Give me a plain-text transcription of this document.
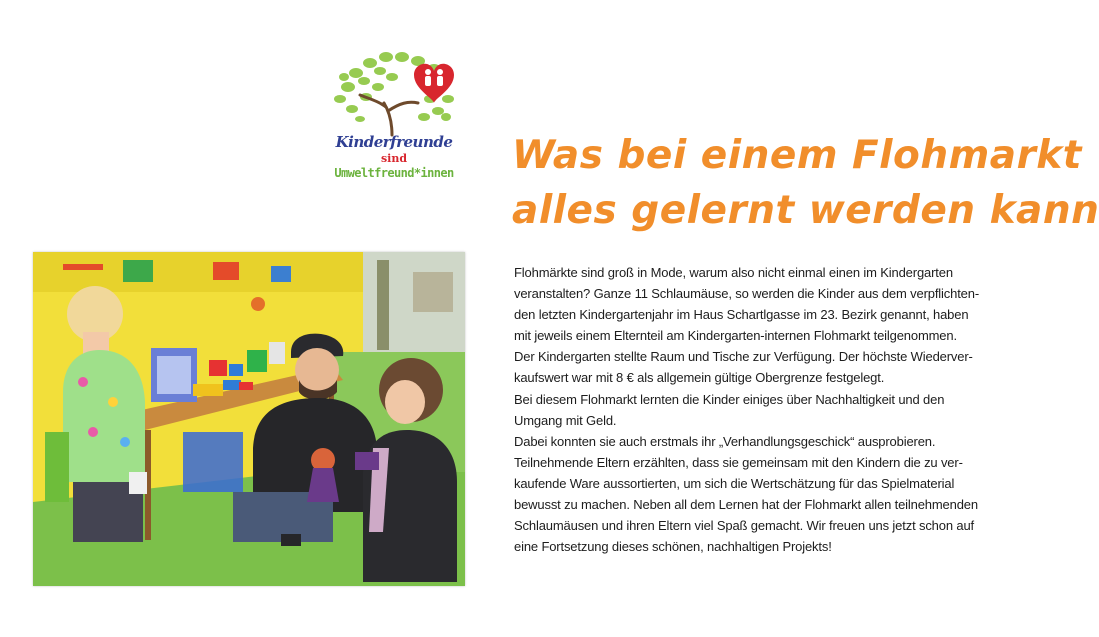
Kinderfreunde
sind
Umweltfreund*innen Was bei einem Flohmarkt
alles gelernt werden kann
Flohmärkte sind groß in Mode, warum also nicht einmal einen im Kindergarten
veranstalten? Ganze 11 Schlaumäuse, so werden die Kinder aus dem verpflichten-
den letzten Kindergartenjahr im Haus Schartlgasse im 23. Bezirk genannt, haben
mit jeweils einem Elternteil am Kindergarten-internen Flohmarkt teilgenommen.
Der Kindergarten stellte Raum und Tische zur Verfügung. Der höchste Wiederver-
kaufswert war mit 8 € als allgemein gültige Obergrenze festgelegt.
Bei diesem Flohmarkt lernten die Kinder einiges über Nachhaltigkeit und den
Umgang mit Geld.
Dabei konnten sie auch erstmals ihr „Verhandlungsgeschick“ ausprobieren.
Teilnehmende Eltern erzählten, dass sie gemeinsam mit den Kindern die zu ver-
kaufende Ware aussortierten, um sich die Wertschätzung für das Spielmaterial
bewusst zu machen. Neben all dem Lernen hat der Flohmarkt allen teilnehmenden
Schlaumäusen und ihren Eltern viel Spaß gemacht. Wir freuen uns jetzt schon auf
eine Fortsetzung dieses schönen, nachhaltigen Projekts!
